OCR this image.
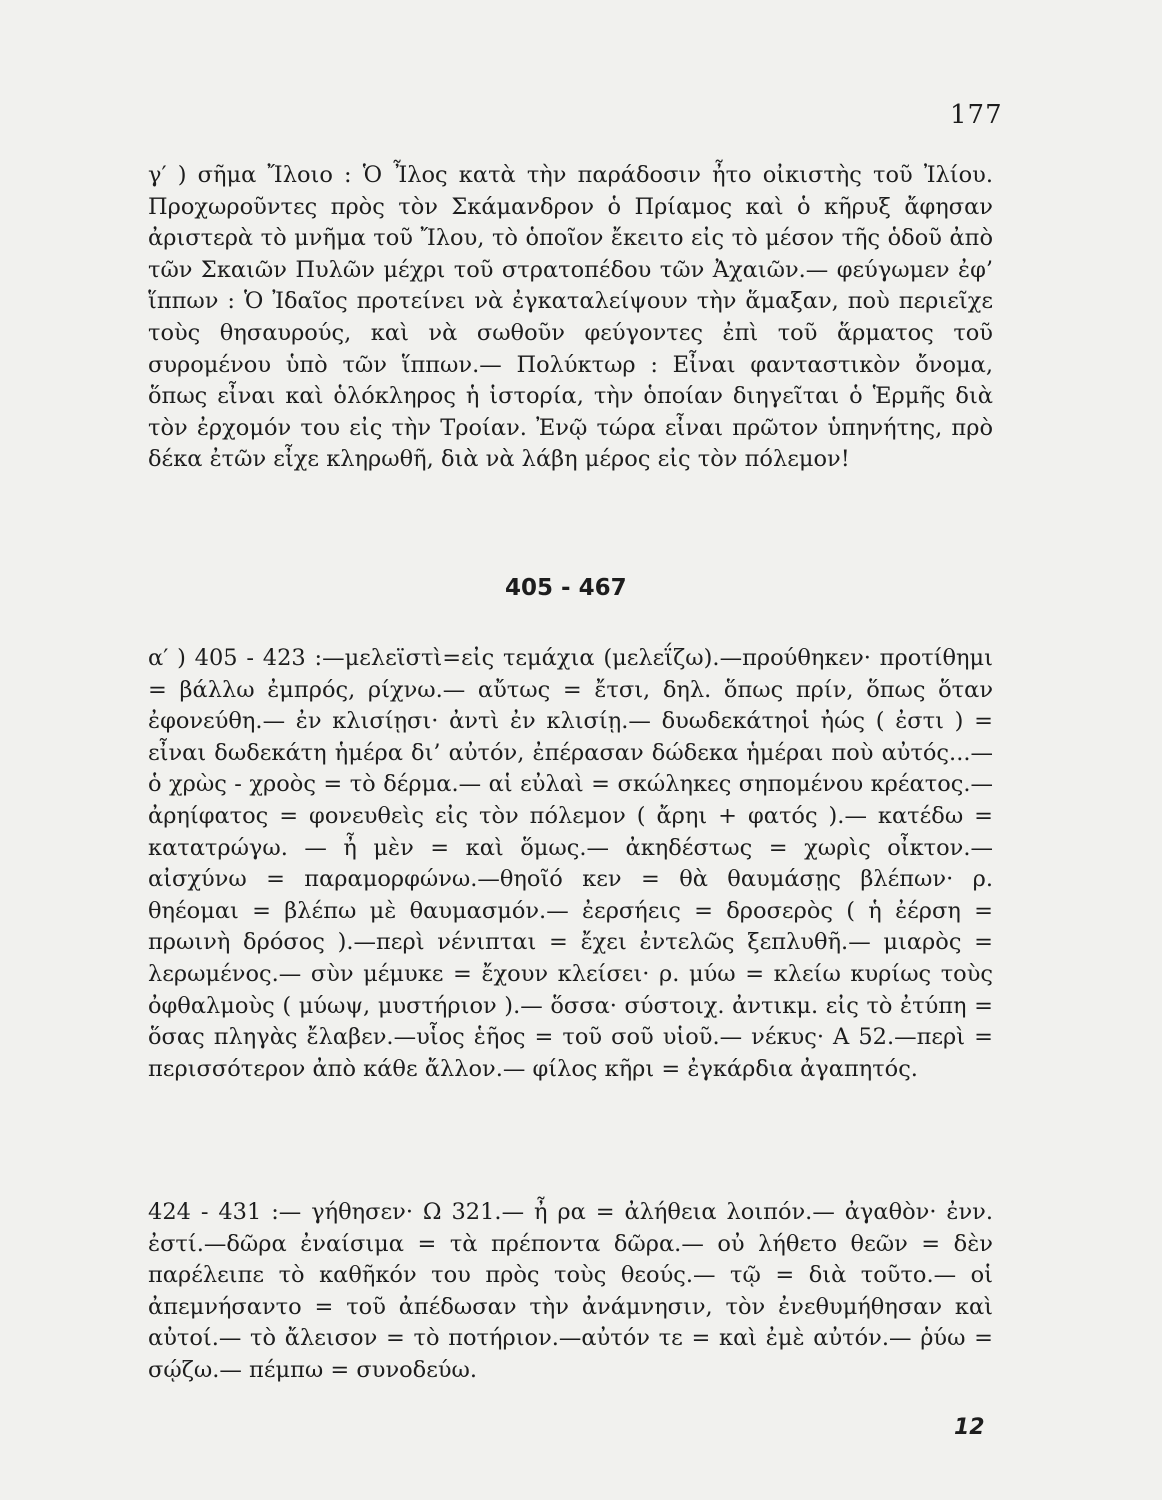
177

γ′ ) σῆμα Ἴλοιο : Ὁ Ἶλος κατὰ τὴν παράδοσιν ἦτο οἰκιστὴς τοῦ Ἰλίου. Προχωροῦντες πρὸς τὸν Σκάμανδρον ὁ Πρίαμος καὶ ὁ κῆρυξ ἄφησαν ἀριστερὰ τὸ μνῆμα τοῦ Ἴλου, τὸ ὁποῖον ἔκειτο εἰς τὸ μέσον τῆς ὁδοῦ ἀπὸ τῶν Σκαιῶν Πυλῶν μέχρι τοῦ στρατοπέδου τῶν Ἀχαιῶν.— φεύγωμεν ἐφ’ ἵππων : Ὁ Ἰδαῖος προτείνει νὰ ἐγκαταλείψουν τὴν ἅμαξαν, ποὺ περιεῖχε τοὺς θησαυρούς, καὶ νὰ σωθοῦν φεύγοντες ἐπὶ τοῦ ἅρματος τοῦ συρομένου ὑπὸ τῶν ἵππων.— Πολύκτωρ : Εἶναι φανταστικὸν ὄνομα, ὅπως εἶναι καὶ ὁλόκληρος ἡ ἱστορία, τὴν ὁποίαν διηγεῖται ὁ Ἑρμῆς διὰ τὸν ἐρχομόν του εἰς τὴν Τροίαν. Ἐνῷ τώρα εἶναι πρῶτον ὑπηνήτης, πρὸ δέκα ἐτῶν εἶχε κληρωθῆ, διὰ νὰ λάβη μέρος εἰς τὸν πόλεμον!

405 - 467

α′ ) 405 - 423 :—μελεϊστὶ=εἰς τεμάχια (μελεΐζω).—προύθηκεν· προτίθημι = βάλλω ἐμπρός, ρίχνω.— αὔτως = ἔτσι, δηλ. ὅπως πρίν, ὅπως ὅταν ἐφονεύθη.— ἐν κλισίῃσι· ἀντὶ ἐν κλισίῃ.— δυωδεκάτηοἱ ἠώς ( ἐστι ) = εἶναι δωδεκάτη ἡμέρα δι’ αὐτόν, ἐπέρασαν δώδεκα ἡμέραι ποὺ αὐτός...— ὁ χρὼς - χροὸς = τὸ δέρμα.— αἱ εὐλαὶ = σκώληκες σηπομένου κρέατος.— ἀρηίφατος = φονευθεὶς εἰς τὸν πόλεμον ( ἄρηι + φατός ).— κατέδω = κατατρώγω. — ἦ μὲν = καὶ ὅμως.— ἀκηδέστως = χωρὶς οἶκτον.—αἰσχύνω = παραμορφώνω.—θηοῖό κεν = θὰ θαυμάσῃς βλέπων· ρ. θηέομαι = βλέπω μὲ θαυμασμόν.— ἐερσήεις = δροσερὸς ( ἡ ἐέρση = πρωινὴ δρόσος ).—περὶ νένιπται = ἔχει ἐντελῶς ξεπλυθῆ.— μιαρὸς = λερωμένος.— σὺν μέμυκε = ἔχουν κλείσει· ρ. μύω = κλείω κυρίως τοὺς ὀφθαλμοὺς ( μύωψ, μυστήριον ).— ὅσσα· σύστοιχ. ἀντικμ. εἰς τὸ ἐτύπη = ὅσας πληγὰς ἔλαβεν.—υἷος ἑῆος = τοῦ σοῦ υἱοῦ.— νέκυς· Α 52.—περὶ = περισσότερον ἀπὸ κάθε ἄλλον.— φίλος κῆρι = ἐγκάρδια ἀγαπητός.

424 - 431 :— γήθησεν· Ω 321.— ἦ ρα = ἀλήθεια λοιπόν.— ἀγαθὸν· ἐνν. ἐστί.—δῶρα ἐναίσιμα = τὰ πρέποντα δῶρα.— οὐ λήθετο θεῶν = δὲν παρέλειπε τὸ καθῆκόν του πρὸς τοὺς θεούς.— τῷ = διὰ τοῦτο.— οἱ ἀπεμνήσαντο = τοῦ ἀπέδωσαν τὴν ἀνάμνησιν, τὸν ἐνεθυμήθησαν καὶ αὐτοί.— τὸ ἄλεισον = τὸ ποτήριον.—αὐτόν τε = καὶ ἐμὲ αὐτόν.— ῥύω = σῴζω.— πέμπω = συνοδεύω.

12
